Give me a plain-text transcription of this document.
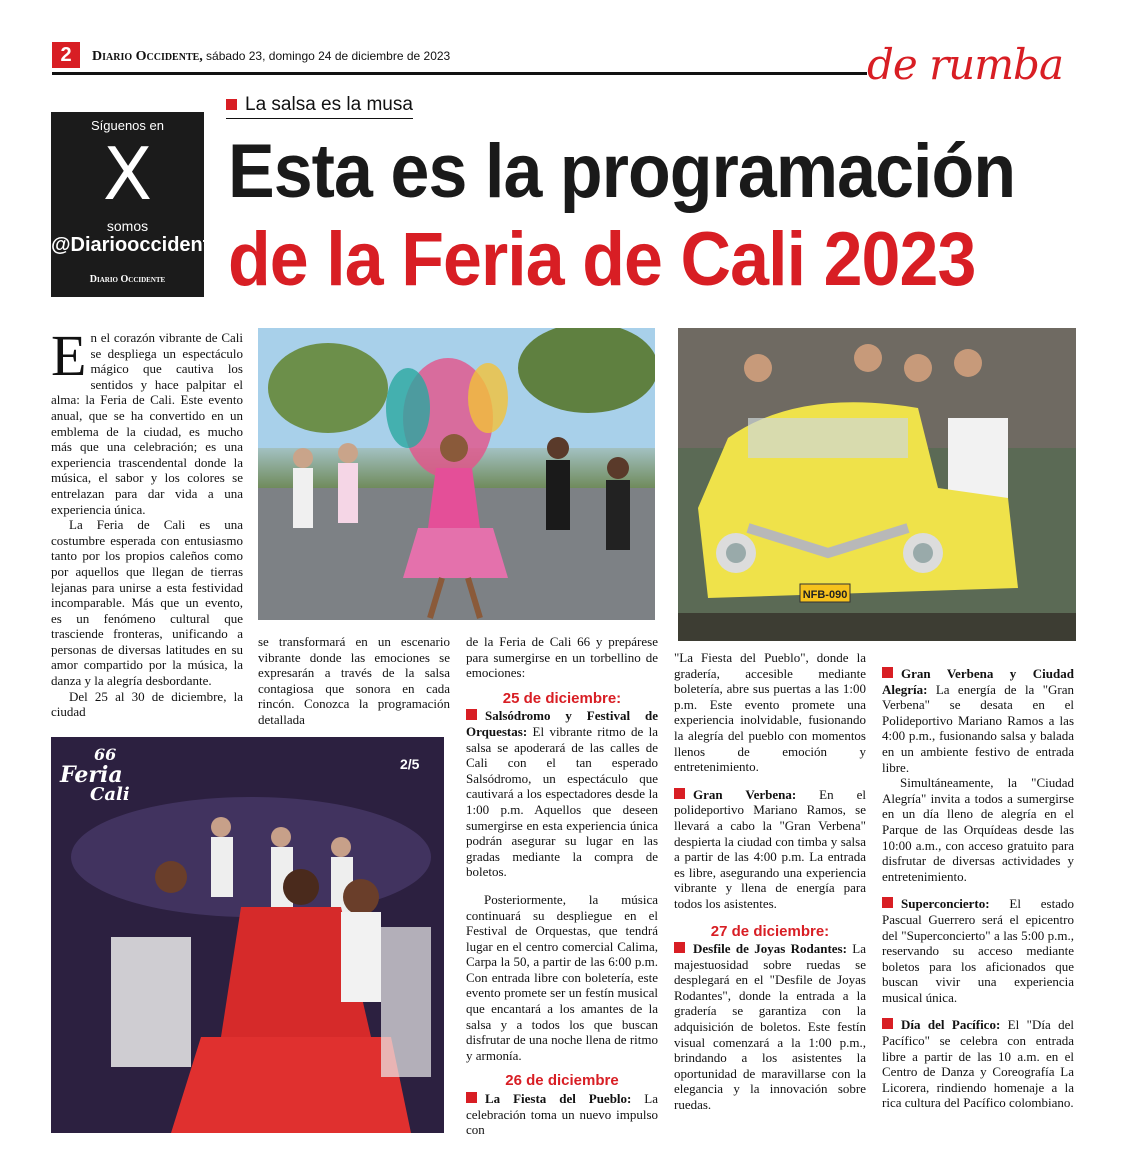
2	Diario Occidente, sábado 23, domingo 24 de diciembre de 2023	de rumba
La salsa es la musa
Síguenos en
X
somos
@Diariooccidente
Diario Occidente
Esta es la programación
de la Feria de Cali 2023
NFB-090
66
Feria
Cali
2/5

En el corazón vibrante de Cali se despliega un espectáculo mágico que cautiva los sentidos y hace palpitar el alma: la Feria de Cali. Este evento anual, que se ha convertido en un emblema de la ciudad, es mucho más que una celebración; es una experiencia trascendental donde la música, el sabor y los colores se entrelazan para dar vida a una experiencia única.

La Feria de Cali es una costumbre esperada con entusiasmo tanto por los propios caleños como por aquellos que llegan de tierras lejanas para unirse a esta festividad incomparable. Más que un evento, es un fenómeno cultural que trasciende fronteras, unificando a personas de diversas latitudes en su amor compartido por la música, la danza y la alegría desbordante.

Del 25 al 30 de diciembre, la ciudad

se transformará en un escenario vibrante donde las emociones se expresarán a través de la salsa contagiosa que sonora en cada rincón. Conozca la programación detallada

de la Feria de Cali 66 y prepárese para sumergirse en un torbellino de emociones:

25 de diciembre:

Salsódromo y Festival de Orquestas: El vibrante ritmo de la salsa se apoderará de las calles de Cali con el tan esperado Salsódromo, un espectáculo que cautivará a los espectadores desde la 1:00 p.m. Aquellos que deseen sumergirse en esta experiencia única podrán asegurar su lugar en las gradas mediante la compra de boletos.

Posteriormente, la música continuará su despliegue en el Festival de Orquestas, que tendrá lugar en el centro comercial Calima, Carpa la 50, a partir de las 6:00 p.m. Con entrada libre con boletería, este evento promete ser un festín musical que encantará a los amantes de la salsa y a todos los que buscan disfrutar de una noche llena de ritmo y armonía.

26 de diciembre

La Fiesta del Pueblo: La celebración toma un nuevo impulso con

"La Fiesta del Pueblo", donde la gradería, accesible mediante boletería, abre sus puertas a las 1:00 p.m. Este evento promete una experiencia inolvidable, fusionando la alegría del pueblo con momentos llenos de emoción y entretenimiento.

Gran Verbena: En el polideportivo Mariano Ramos, se llevará a cabo la "Gran Verbena" despierta la ciudad con timba y salsa a partir de las 4:00 p.m. La entrada es libre, asegurando una experiencia vibrante y llena de energía para todos los asistentes.

27 de diciembre:

Desfile de Joyas Rodantes: La majestuosidad sobre ruedas se desplegará en el "Desfile de Joyas Rodantes", donde la entrada a la gradería se garantiza con la adquisición de boletos. Este festín visual comenzará a la 1:00 p.m., brindando a los asistentes la oportunidad de maravillarse con la elegancia y la innovación sobre ruedas.

Gran Verbena y Ciudad Alegría: La energía de la "Gran Verbena" se desata en el Polideportivo Mariano Ramos a las 4:00 p.m., fusionando salsa y balada en un ambiente festivo de entrada libre.

Simultáneamente, la "Ciudad Alegría" invita a todos a sumergirse en un día lleno de alegría en el Parque de las Orquídeas desde las 10:00 a.m., con acceso gratuito para disfrutar de diversas actividades y entretenimiento.

Superconcierto: El estado Pascual Guerrero será el epicentro del "Superconcierto" a las 5:00 p.m., reservando su acceso mediante boletos para los aficionados que buscan vivir una experiencia musical única.

Día del Pacífico: El "Día del Pacífico" se celebra con entrada libre a partir de las 10 a.m. en el Centro de Danza y Coreografía La Licorera, rindiendo homenaje a la rica cultura del Pacífico colombiano.
